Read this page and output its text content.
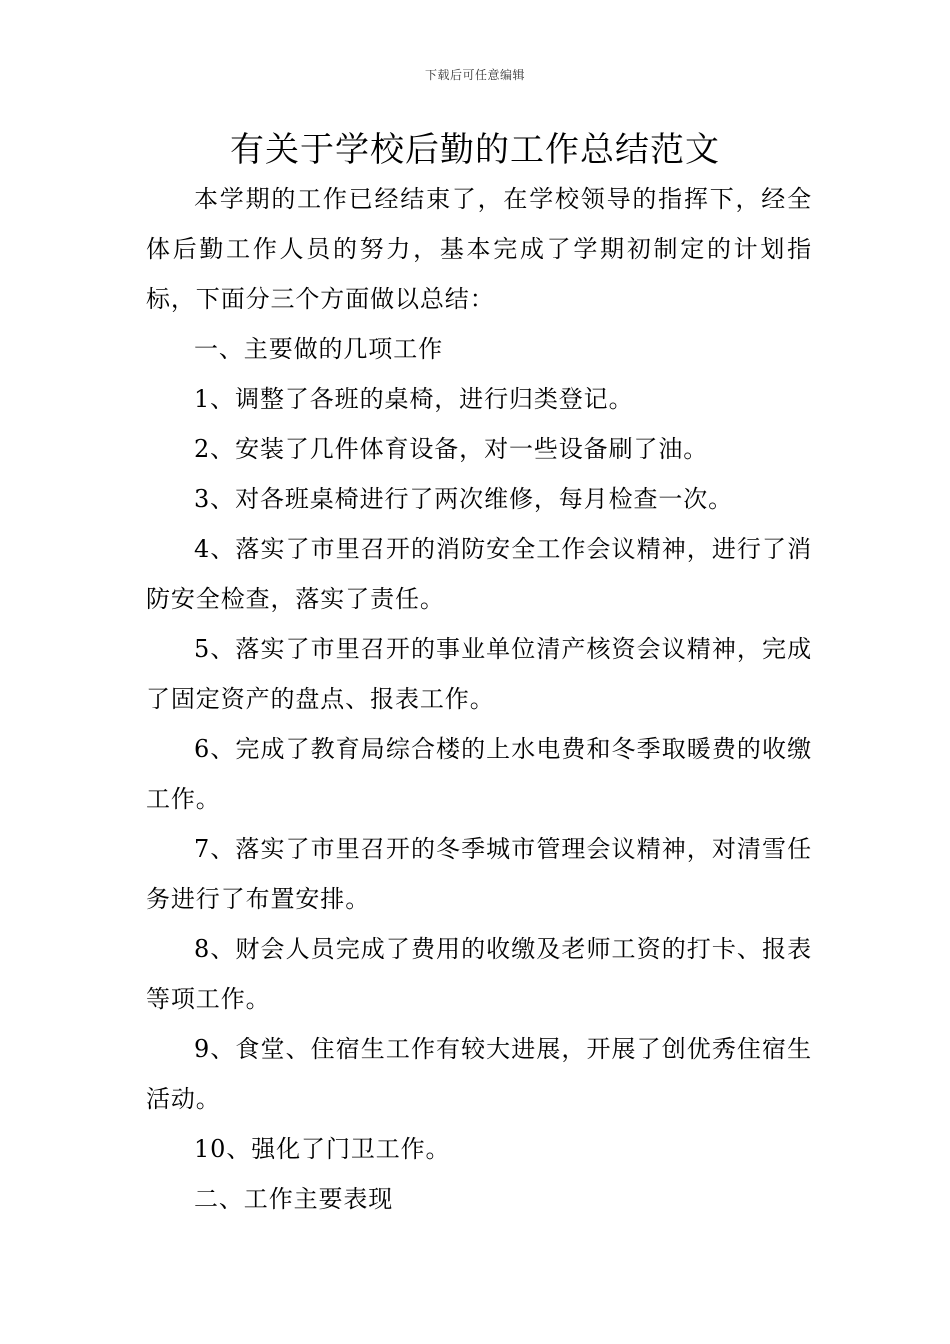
下载后可任意编辑
有关于学校后勤的工作总结范文

本学期的工作已经结束了，在学校领导的指挥下，经全体后勤工作人员的努力，基本完成了学期初制定的计划指标，下面分三个方面做以总结：

一、主要做的几项工作

1、调整了各班的桌椅，进行归类登记。

2、安装了几件体育设备，对一些设备刷了油。

3、对各班桌椅进行了两次维修，每月检查一次。

4、落实了市里召开的消防安全工作会议精神，进行了消防安全检查，落实了责任。

5、落实了市里召开的事业单位清产核资会议精神，完成了固定资产的盘点、报表工作。

6、完成了教育局综合楼的上水电费和冬季取暖费的收缴工作。

7、落实了市里召开的冬季城市管理会议精神，对清雪任务进行了布置安排。

8、财会人员完成了费用的收缴及老师工资的打卡、报表等项工作。

9、食堂、住宿生工作有较大进展，开展了创优秀住宿生活动。

10、强化了门卫工作。

二、工作主要表现
